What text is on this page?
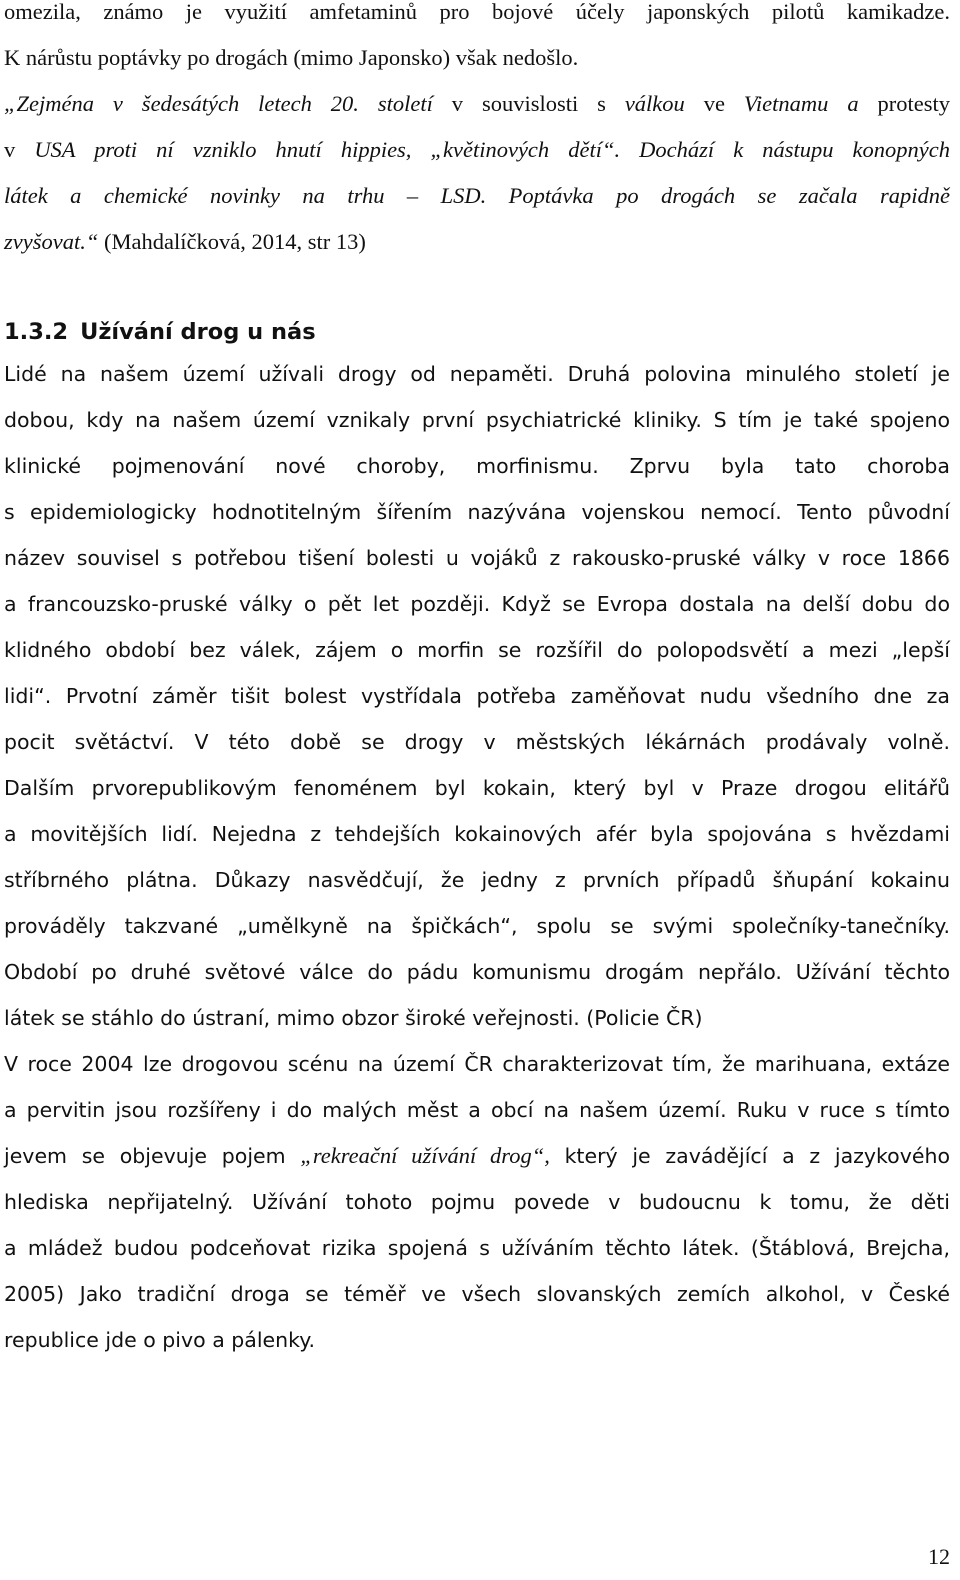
omezila, známo je využití amfetaminů pro bojové účely japonských pilotů kamikadze.
K nárůstu poptávky po drogách (mimo Japonsko) však nedošlo.
„Zejména v šedesátých letech 20. století v souvislosti s válkou ve Vietnamu a protesty
v USA proti ní vzniklo hnutí hippies, „květinových dětí“. Dochází k nástupu konopných
látek a chemické novinky na trhu – LSD. Poptávka po drogách se začala rapidně
zvyšovat.“ (Mahdalíčková, 2014, str 13)
1.3.2 Užívání drog u nás
Lidé na našem území užívali drogy od nepaměti. Druhá polovina minulého století je
dobou, kdy na našem území vznikaly první psychiatrické kliniky. S tím je také spojeno
klinické pojmenování nové choroby, morfinismu. Zprvu byla tato choroba
s epidemiologicky hodnotitelným šířením nazývána vojenskou nemocí. Tento původní
název souvisel s potřebou tišení bolesti u vojáků z rakousko-pruské války v roce 1866
a francouzsko-pruské války o pět let později. Když se Evropa dostala na delší dobu do
klidného období bez válek, zájem o morfin se rozšířil do polopodsvětí a mezi „lepší
lidi“. Prvotní záměr tišit bolest vystřídala potřeba zaměňovat nudu všedního dne za
pocit světáctví. V této době se drogy v městských lékárnách prodávaly volně.
Dalším prvorepublikovým fenoménem byl kokain, který byl v Praze drogou elitářů
a movitějších lidí. Nejedna z tehdejších kokainových afér byla spojována s hvězdami
stříbrného plátna. Důkazy nasvědčují, že jedny z prvních případů šňupání kokainu
prováděly takzvané „umělkyně na špičkách“, spolu se svými společníky-tanečníky.
Období po druhé světové válce do pádu komunismu drogám nepřálo. Užívání těchto
látek se stáhlo do ústraní, mimo obzor široké veřejnosti. (Policie ČR)
V roce 2004 lze drogovou scénu na území ČR charakterizovat tím, že marihuana, extáze
a pervitin jsou rozšířeny i do malých měst a obcí na našem území. Ruku v ruce s tímto
jevem se objevuje pojem „rekreační užívání drog“, který je zavádějící a z jazykového
hlediska nepřijatelný. Užívání tohoto pojmu povede v budoucnu k tomu, že děti
a mládež budou podceňovat rizika spojená s užíváním těchto látek. (Štáblová, Brejcha,
2005) Jako tradiční droga se téměř ve všech slovanských zemích alkohol, v České
republice jde o pivo a pálenky.
12
